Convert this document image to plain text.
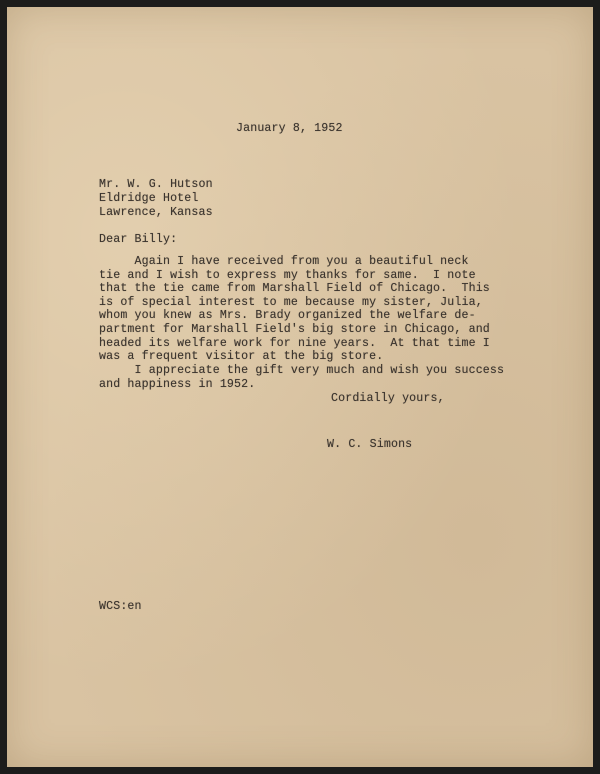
January 8, 1952
Mr. W. G. Hutson
Eldridge Hotel
Lawrence, Kansas
Dear Billy:
Again I have received from you a beautiful neck
tie and I wish to express my thanks for same.  I note
that the tie came from Marshall Field of Chicago.  This
is of special interest to me because my sister, Julia,
whom you knew as Mrs. Brady organized the welfare de-
partment for Marshall Field's big store in Chicago, and
headed its welfare work for nine years.  At that time I
was a frequent visitor at the big store.
I appreciate the gift very much and wish you success
and happiness in 1952.
Cordially yours,
W. C. Simons
WCS:en
